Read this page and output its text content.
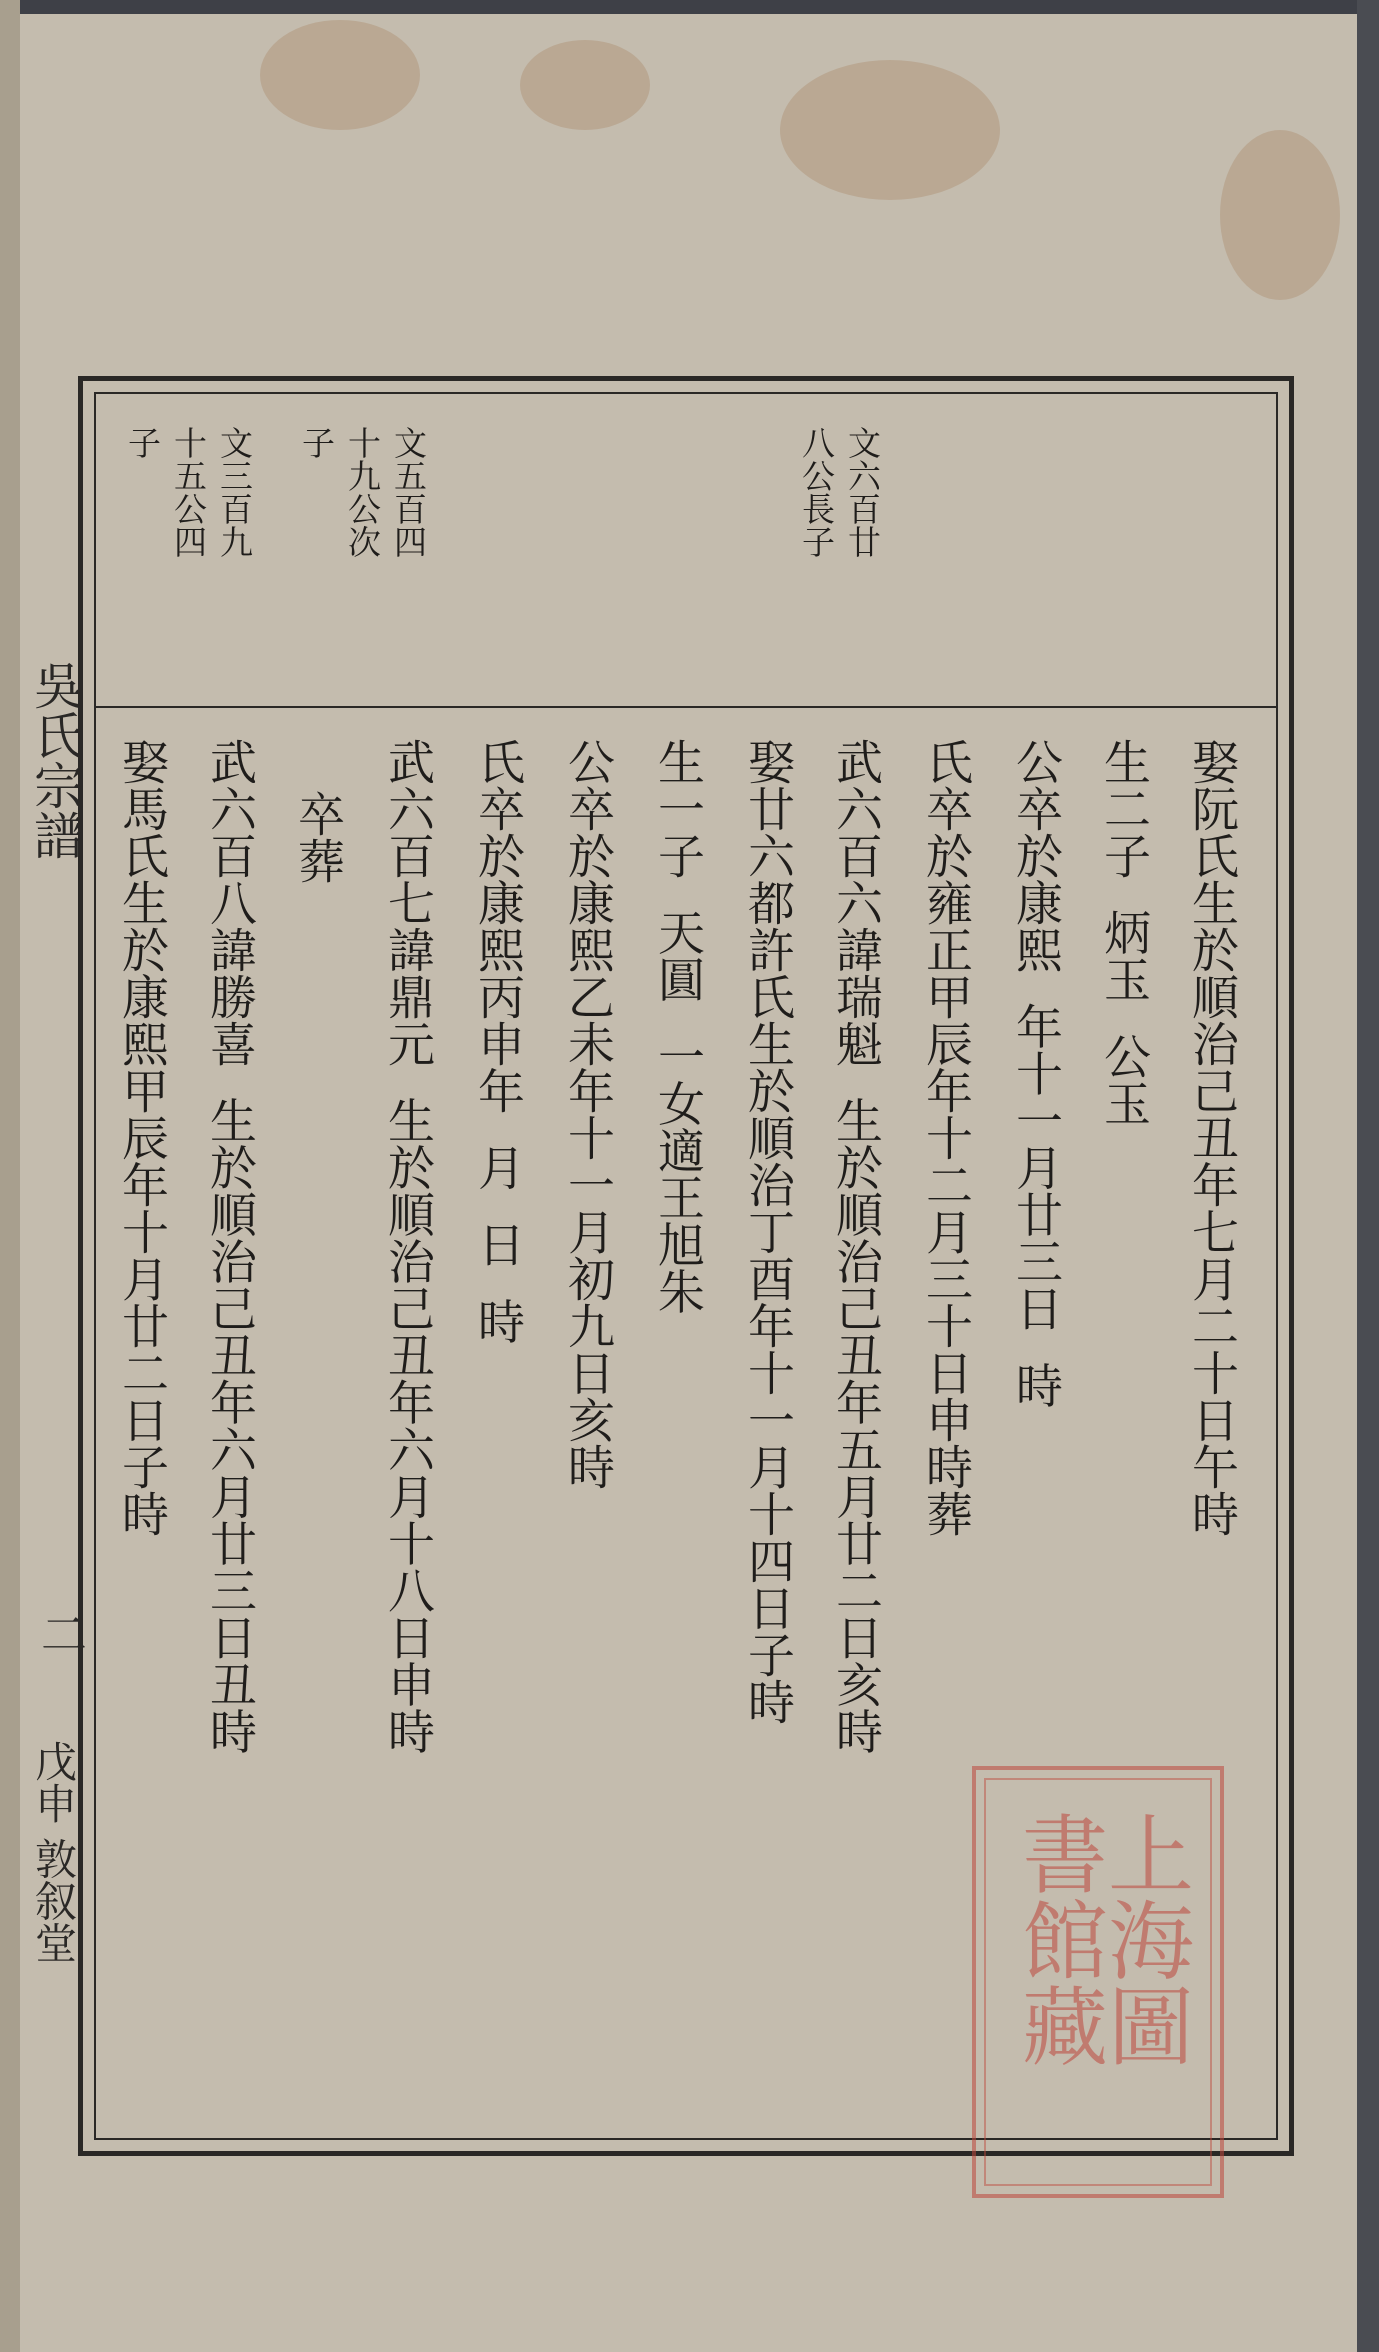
吳氏宗譜
二
戊申 敦叙堂
文六百廿
八公長子
文五百四
十九公次
子
文三百九
十五公四
子
娶阮氏生於順治己丑年七月二十日午時
生二子  炳玉  公玉
公卒於康熙  年十一月廿三日  時
氏卒於雍正甲辰年十二月三十日申時葬
武六百六諱瑞魁  生於順治己丑年五月廿二日亥時
娶廿六都許氏生於順治丁酉年十一月十四日子時
生一子  天圓  一女適王旭朱
公卒於康熙乙未年十一月初九日亥時
氏卒於康熙丙申年  月  日  時
武六百七諱鼎元  生於順治己丑年六月十八日申時
卒葬
武六百八諱勝喜  生於順治己丑年六月廿三日丑時
娶馬氏生於康熙甲辰年十月廿二日子時
上海圖書館藏
